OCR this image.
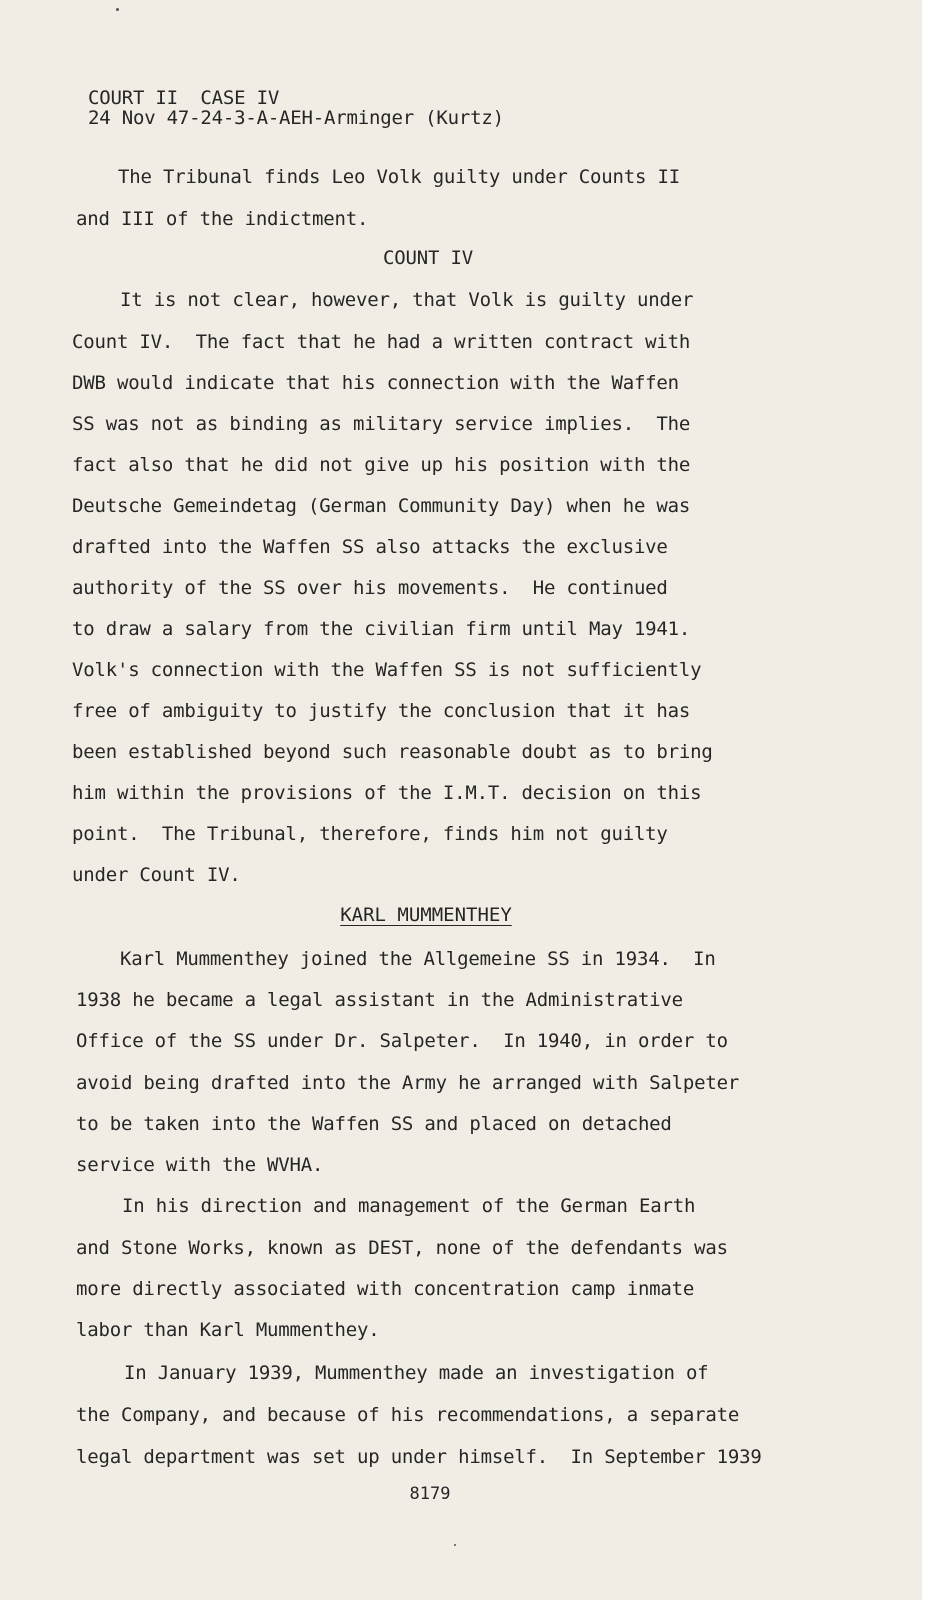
COURT II  CASE IV
24 Nov 47-24-3-A-AEH-Arminger (Kurtz)
The Tribunal finds Leo Volk guilty under Counts II
and III of the indictment.
COUNT IV
It is not clear, however, that Volk is guilty under
Count IV.  The fact that he had a written contract with
DWB would indicate that his connection with the Waffen
SS was not as binding as military service implies.  The
fact also that he did not give up his position with the
Deutsche Gemeindetag (German Community Day) when he was
drafted into the Waffen SS also attacks the exclusive
authority of the SS over his movements.  He continued
to draw a salary from the civilian firm until May 1941.
Volk's connection with the Waffen SS is not sufficiently
free of ambiguity to justify the conclusion that it has
been established beyond such reasonable doubt as to bring
him within the provisions of the I.M.T. decision on this
point.  The Tribunal, therefore, finds him not guilty
under Count IV.
KARL MUMMENTHEY
Karl Mummenthey joined the Allgemeine SS in 1934.  In
1938 he became a legal assistant in the Administrative
Office of the SS under Dr. Salpeter.  In 1940, in order to
avoid being drafted into the Army he arranged with Salpeter
to be taken into the Waffen SS and placed on detached
service with the WVHA.
In his direction and management of the German Earth
and Stone Works, known as DEST, none of the defendants was
more directly associated with concentration camp inmate
labor than Karl Mummenthey.
In January 1939, Mummenthey made an investigation of
the Company, and because of his recommendations, a separate
legal department was set up under himself.  In September 1939
8179
